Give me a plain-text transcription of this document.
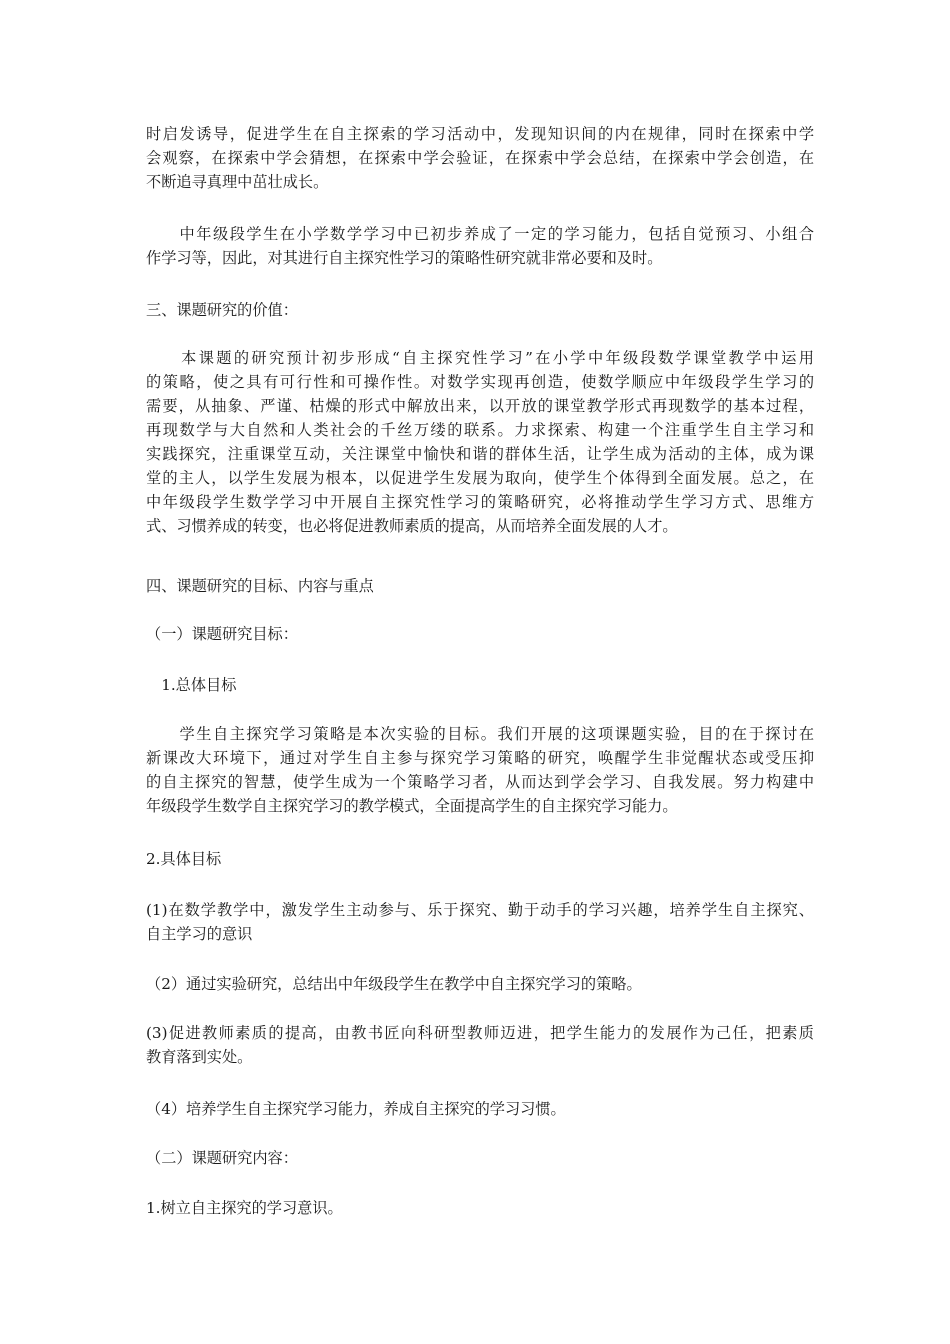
时启发诱导，促进学生在自主探索的学习活动中，发现知识间的内在规律，同时在探索中学
会观察，在探索中学会猜想，在探索中学会验证，在探索中学会总结，在探索中学会创造，在
不断追寻真理中茁壮成长。
　　中年级段学生在小学数学学习中已初步养成了一定的学习能力，包括自觉预习、小组合
作学习等，因此，对其进行自主探究性学习的策略性研究就非常必要和及时。
三、课题研究的价值：
　　本课题的研究预计初步形成“自主探究性学习”在小学中年级段数学课堂教学中运用
的策略，使之具有可行性和可操作性。对数学实现再创造，使数学顺应中年级段学生学习的
需要，从抽象、严谨、枯燥的形式中解放出来，以开放的课堂教学形式再现数学的基本过程，
再现数学与大自然和人类社会的千丝万缕的联系。力求探索、构建一个注重学生自主学习和
实践探究，注重课堂互动，关注课堂中愉快和谐的群体生活，让学生成为活动的主体，成为课
堂的主人，以学生发展为根本，以促进学生发展为取向，使学生个体得到全面发展。总之，在
中年级段学生数学学习中开展自主探究性学习的策略研究，必将推动学生学习方式、思维方
式、习惯养成的转变，也必将促进教师素质的提高，从而培养全面发展的人才。
四、课题研究的目标、内容与重点
（一）课题研究目标：
　1.总体目标
　　学生自主探究学习策略是本次实验的目标。我们开展的这项课题实验，目的在于探讨在
新课改大环境下，通过对学生自主参与探究学习策略的研究，唤醒学生非觉醒状态或受压抑
的自主探究的智慧，使学生成为一个策略学习者，从而达到学会学习、自我发展。努力构建中
年级段学生数学自主探究学习的教学模式，全面提高学生的自主探究学习能力。
2.具体目标
(1)在数学教学中，激发学生主动参与、乐于探究、勤于动手的学习兴趣，培养学生自主探究、
自主学习的意识
（2）通过实验研究，总结出中年级段学生在教学中自主探究学习的策略。
(3)促进教师素质的提高，由教书匠向科研型教师迈进，把学生能力的发展作为己任，把素质
教育落到实处。
（4）培养学生自主探究学习能力，养成自主探究的学习习惯。
（二）课题研究内容：
1.树立自主探究的学习意识。
